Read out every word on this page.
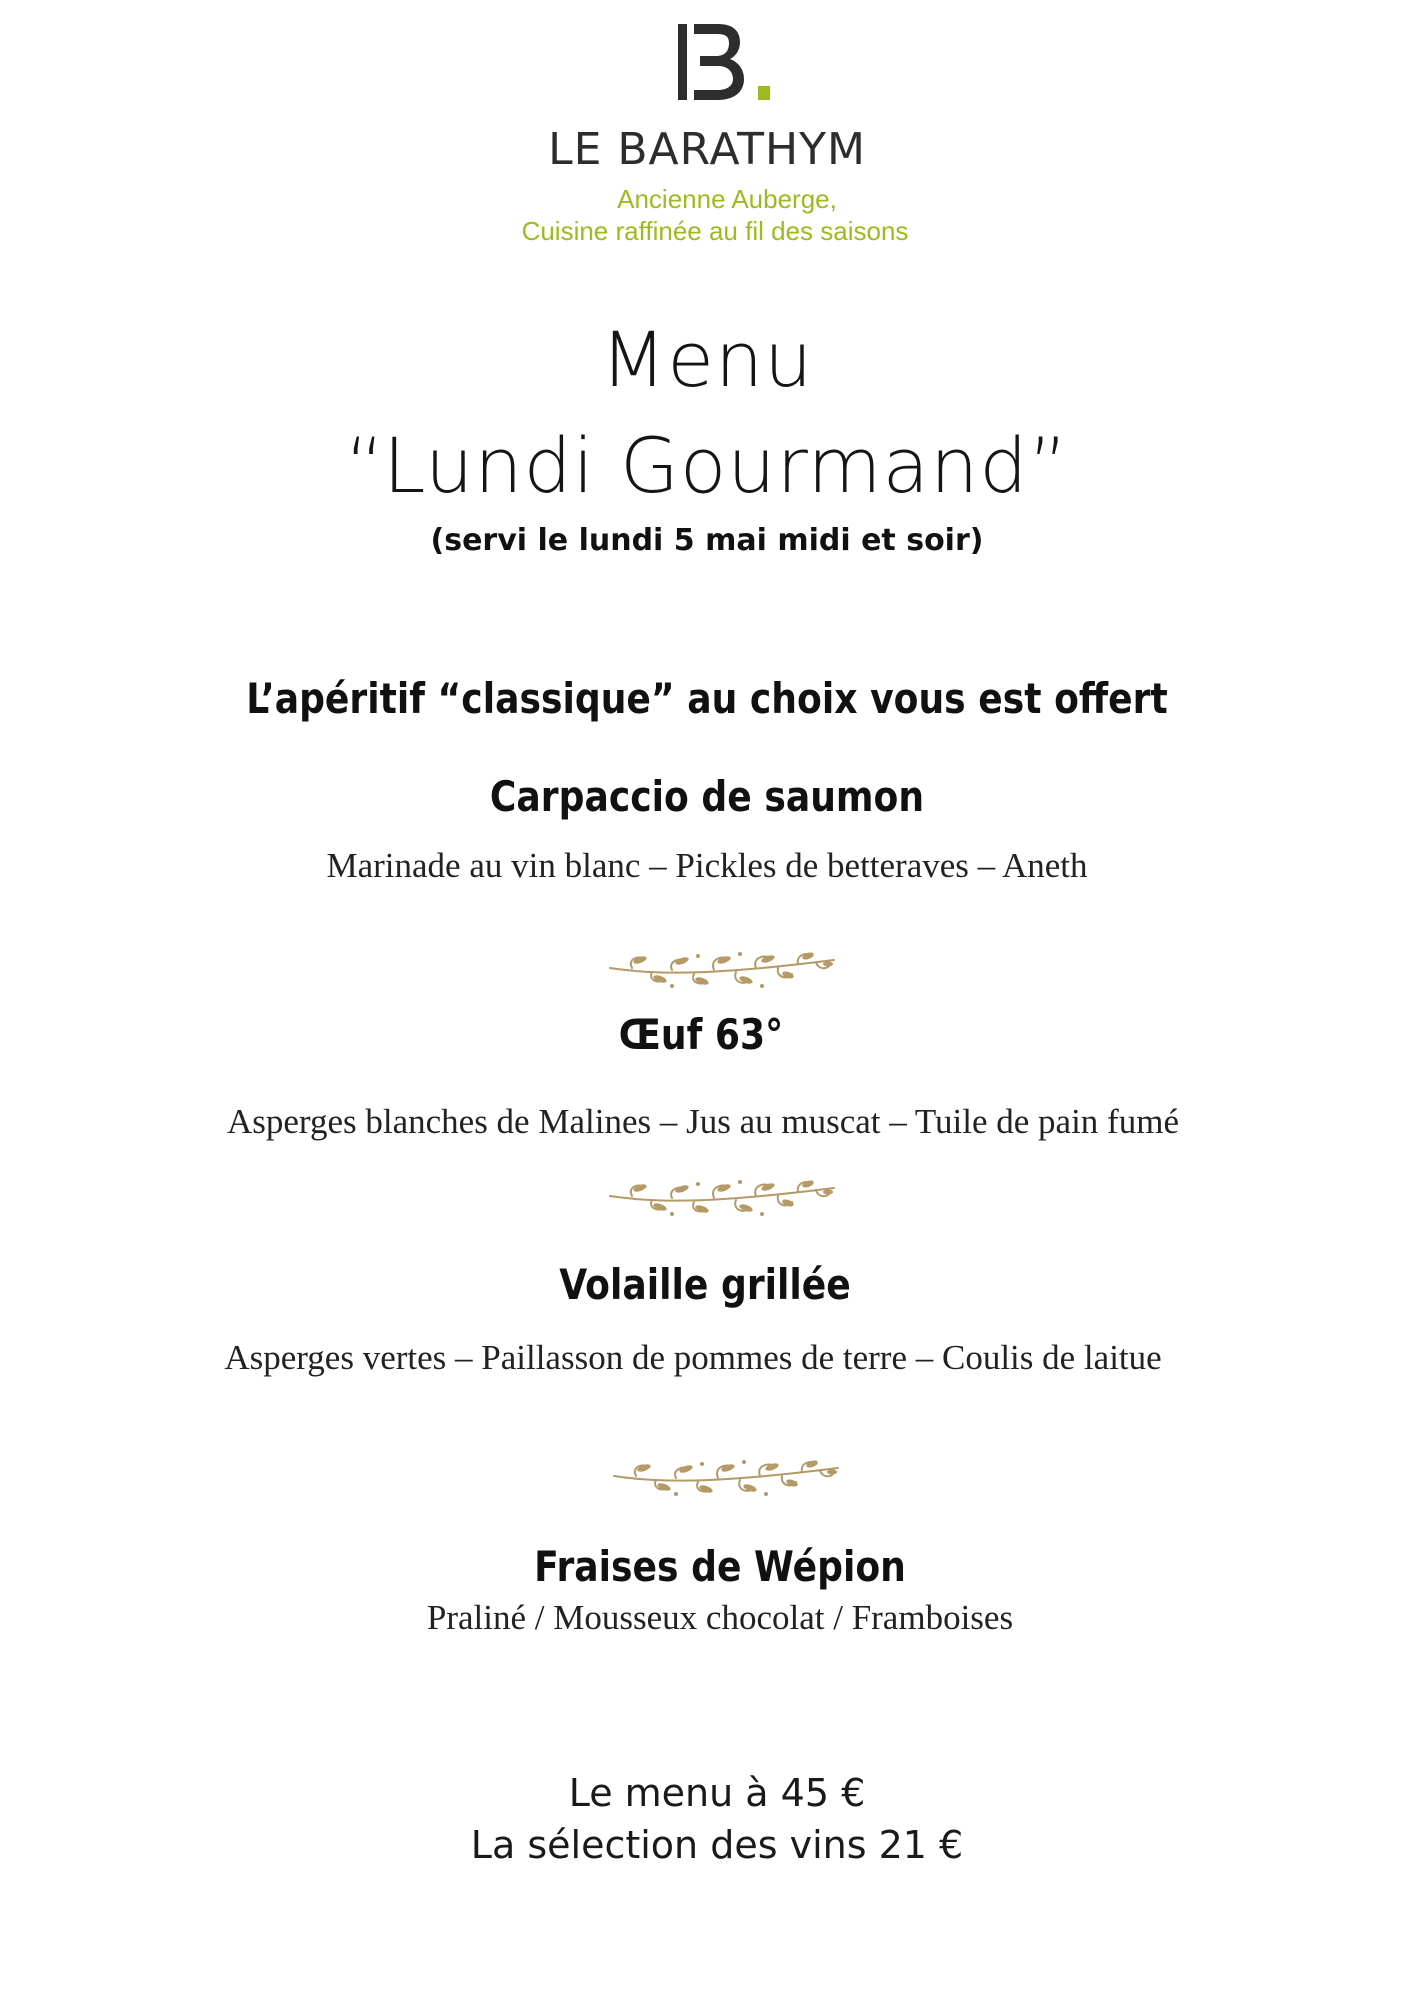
LE BARATHYM
Ancienne Auberge,
Cuisine raffinée au fil des saisons
Menu
“Lundi Gourmand”
(servi le lundi 5 mai midi et soir)
L’apéritif “classique” au choix vous est offert
Carpaccio de saumon
Marinade au vin blanc – Pickles de betteraves – Aneth
Œuf 63°
Asperges blanches de Malines – Jus au muscat – Tuile de pain fumé
Volaille grillée
Asperges vertes – Paillasson de pommes de terre – Coulis de laitue
Fraises de Wépion
Praliné / Mousseux chocolat / Framboises
Le menu à 45 €
La sélection des vins 21 €
